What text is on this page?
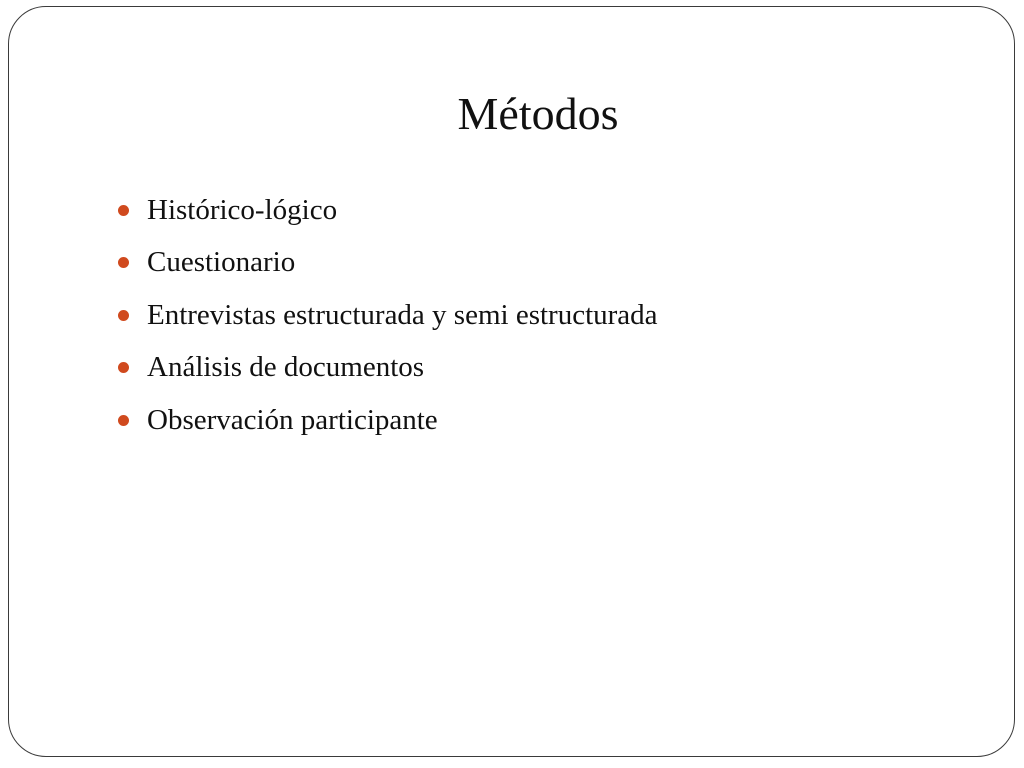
Métodos
Histórico-lógico
Cuestionario
Entrevistas estructurada y semi estructurada
Análisis de documentos
Observación participante
